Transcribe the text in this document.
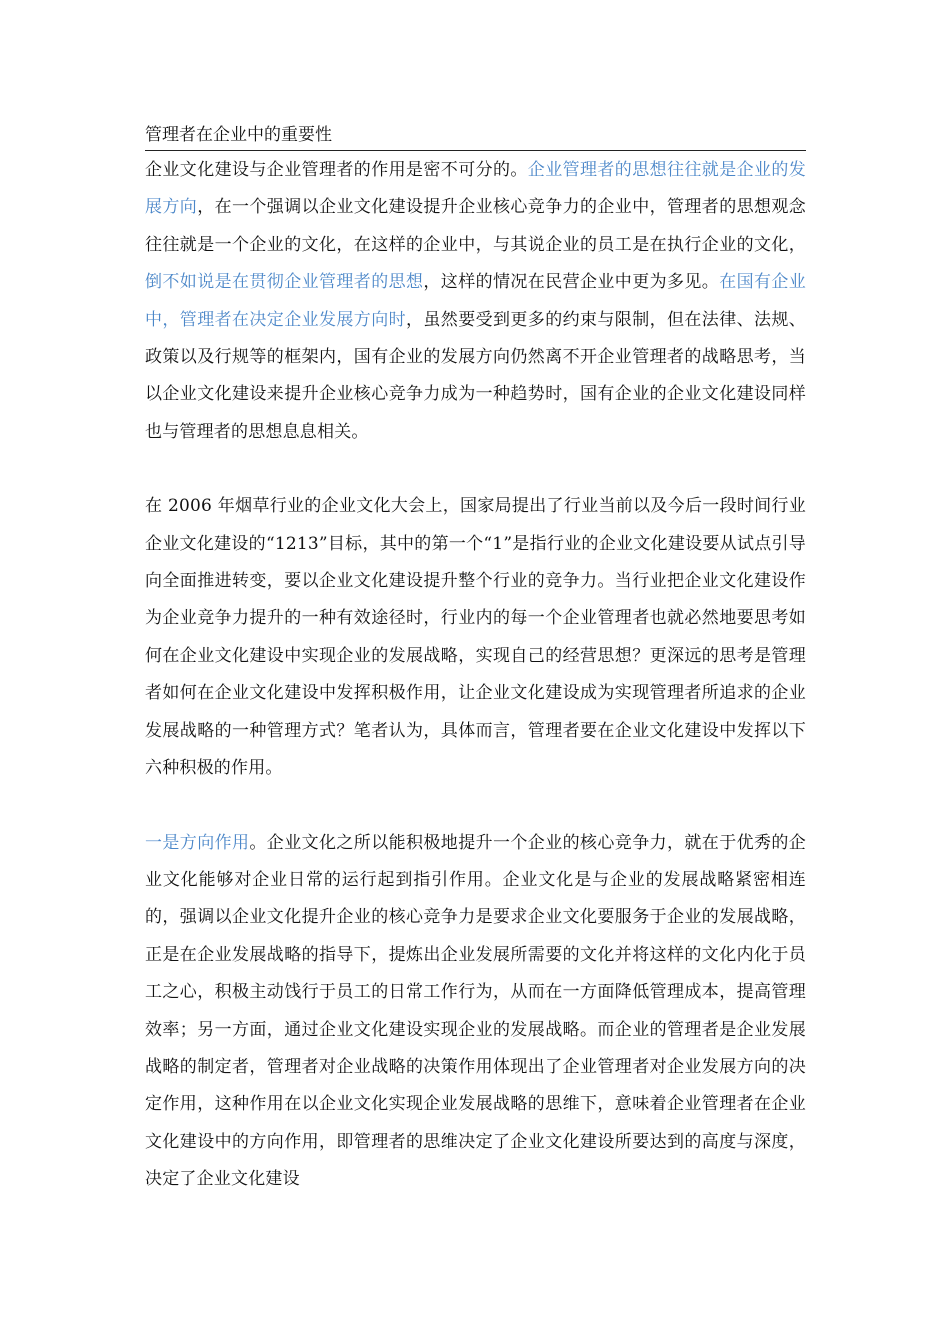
管理者在企业中的重要性

企业文化建设与企业管理者的作用是密不可分的。企业管理者的思想往往就是企业的发展方向，在一个强调以企业文化建设提升企业核心竞争力的企业中，管理者的思想观念往往就是一个企业的文化，在这样的企业中，与其说企业的员工是在执行企业的文化，倒不如说是在贯彻企业管理者的思想，这样的情况在民营企业中更为多见。在国有企业中，管理者在决定企业发展方向时，虽然要受到更多的约束与限制，但在法律、法规、政策以及行规等的框架内，国有企业的发展方向仍然离不开企业管理者的战略思考，当以企业文化建设来提升企业核心竞争力成为一种趋势时，国有企业的企业文化建设同样也与管理者的思想息息相关。

在 2006 年烟草行业的企业文化大会上，国家局提出了行业当前以及今后一段时间行业企业文化建设的“1213”目标，其中的第一个“1”是指行业的企业文化建设要从试点引导向全面推进转变，要以企业文化建设提升整个行业的竞争力。当行业把企业文化建设作为企业竞争力提升的一种有效途径时，行业内的每一个企业管理者也就必然地要思考如何在企业文化建设中实现企业的发展战略，实现自己的经营思想？更深远的思考是管理者如何在企业文化建设中发挥积极作用，让企业文化建设成为实现管理者所追求的企业发展战略的一种管理方式？笔者认为，具体而言，管理者要在企业文化建设中发挥以下六种积极的作用。

一是方向作用。企业文化之所以能积极地提升一个企业的核心竞争力，就在于优秀的企业文化能够对企业日常的运行起到指引作用。企业文化是与企业的发展战略紧密相连的，强调以企业文化提升企业的核心竞争力是要求企业文化要服务于企业的发展战略，正是在企业发展战略的指导下，提炼出企业发展所需要的文化并将这样的文化内化于员工之心，积极主动饯行于员工的日常工作行为，从而在一方面降低管理成本，提高管理效率；另一方面，通过企业文化建设实现企业的发展战略。而企业的管理者是企业发展战略的制定者，管理者对企业战略的决策作用体现出了企业管理者对企业发展方向的决定作用，这种作用在以企业文化实现企业发展战略的思维下，意味着企业管理者在企业文化建设中的方向作用，即管理者的思维决定了企业文化建设所要达到的高度与深度，决定了企业文化建设
